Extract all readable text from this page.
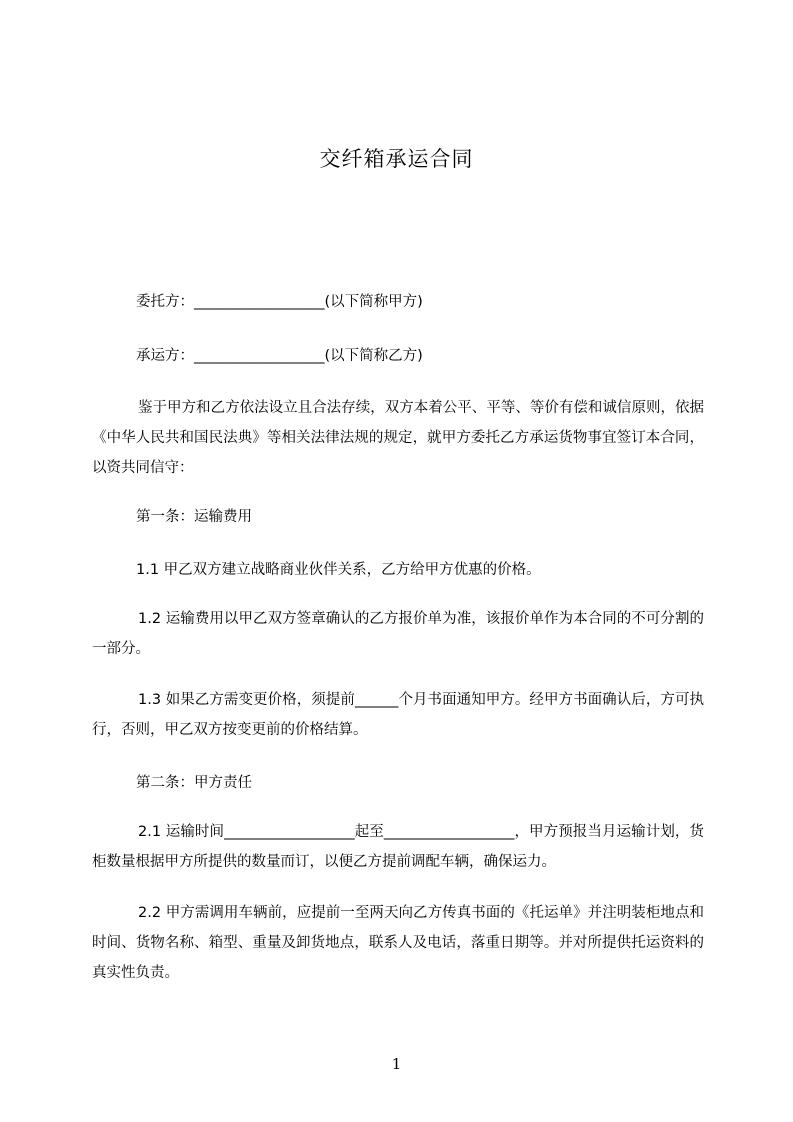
交纤箱承运合同
委托方：__________________(以下简称甲方)
承运方：__________________(以下简称乙方)
鉴于甲方和乙方依法设立且合法存续，双方本着公平、平等、等价有偿和诚信原则，依据《中华人民共和国民法典》等相关法律法规的规定，就甲方委托乙方承运货物事宜签订本合同，以资共同信守：
第一条：运输费用
1.1 甲乙双方建立战略商业伙伴关系，乙方给甲方优惠的价格。
1.2 运输费用以甲乙双方签章确认的乙方报价单为准，该报价单作为本合同的不可分割的一部分。
1.3 如果乙方需变更价格，须提前______个月书面通知甲方。经甲方书面确认后，方可执行，否则，甲乙双方按变更前的价格结算。
第二条：甲方责任
2.1 运输时间__________________起至__________________，甲方预报当月运输计划，货柜数量根据甲方所提供的数量而订，以便乙方提前调配车辆，确保运力。
2.2 甲方需调用车辆前，应提前一至两天向乙方传真书面的《托运单》并注明装柜地点和时间、货物名称、箱型、重量及卸货地点，联系人及电话，落重日期等。并对所提供托运资料的真实性负责。
1
